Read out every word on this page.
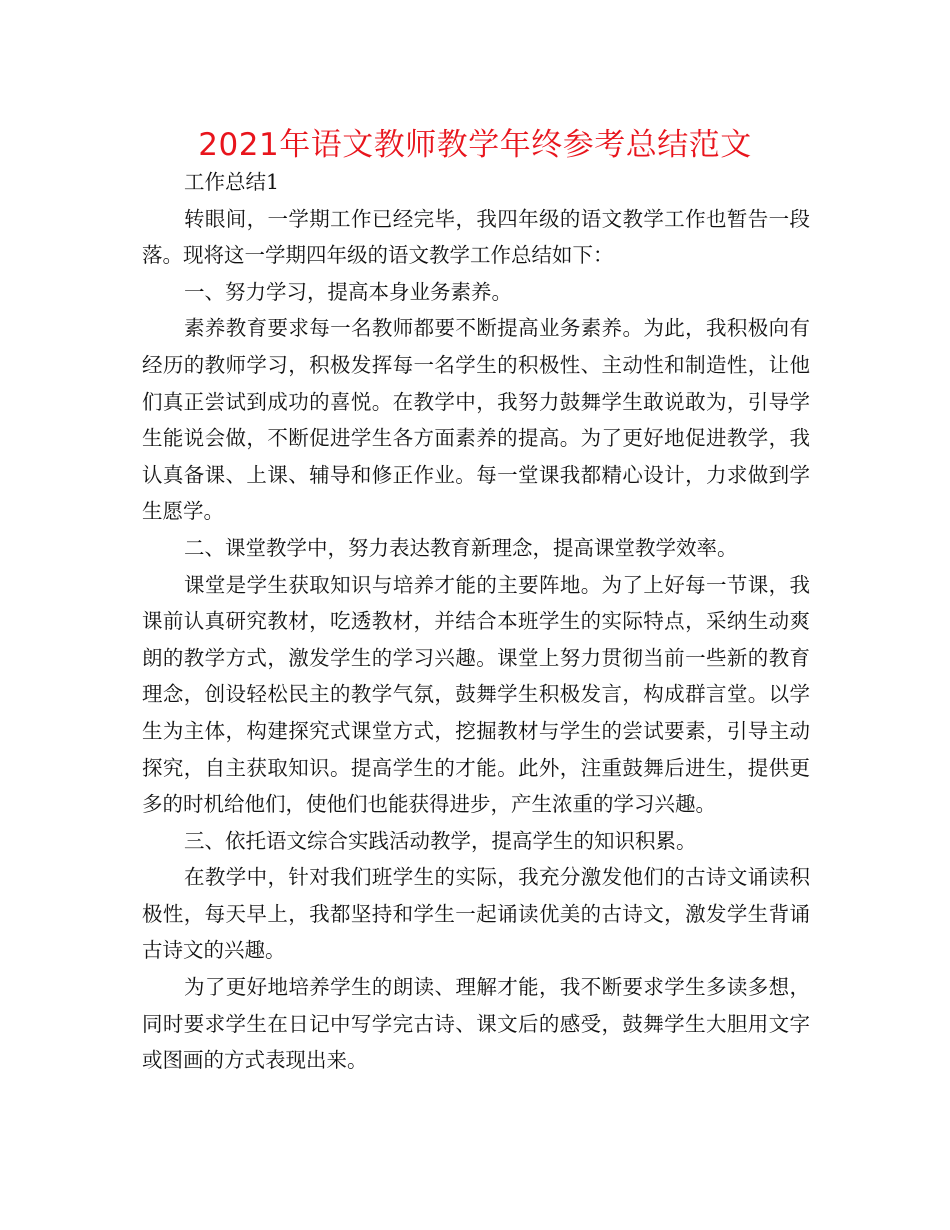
2021年语文教师教学年终参考总结范文

工作总结1

转眼间，一学期工作已经完毕，我四年级的语文教学工作也暂告一段落。现将这一学期四年级的语文教学工作总结如下：

一、努力学习，提高本身业务素养。

素养教育要求每一名教师都要不断提高业务素养。为此，我积极向有经历的教师学习，积极发挥每一名学生的积极性、主动性和制造性，让他们真正尝试到成功的喜悦。在教学中，我努力鼓舞学生敢说敢为，引导学生能说会做，不断促进学生各方面素养的提高。为了更好地促进教学，我认真备课、上课、辅导和修正作业。每一堂课我都精心设计，力求做到学生愿学。

二、课堂教学中，努力表达教育新理念，提高课堂教学效率。

课堂是学生获取知识与培养才能的主要阵地。为了上好每一节课，我课前认真研究教材，吃透教材，并结合本班学生的实际特点，采纳生动爽朗的教学方式，激发学生的学习兴趣。课堂上努力贯彻当前一些新的教育理念，创设轻松民主的教学气氛，鼓舞学生积极发言，构成群言堂。以学生为主体，构建探究式课堂方式，挖掘教材与学生的尝试要素，引导主动探究，自主获取知识。提高学生的才能。此外，注重鼓舞后进生，提供更多的时机给他们，使他们也能获得进步，产生浓重的学习兴趣。

三、依托语文综合实践活动教学，提高学生的知识积累。

在教学中，针对我们班学生的实际，我充分激发他们的古诗文诵读积极性，每天早上，我都坚持和学生一起诵读优美的古诗文，激发学生背诵古诗文的兴趣。

为了更好地培养学生的朗读、理解才能，我不断要求学生多读多想，同时要求学生在日记中写学完古诗、课文后的感受，鼓舞学生大胆用文字或图画的方式表现出来。
